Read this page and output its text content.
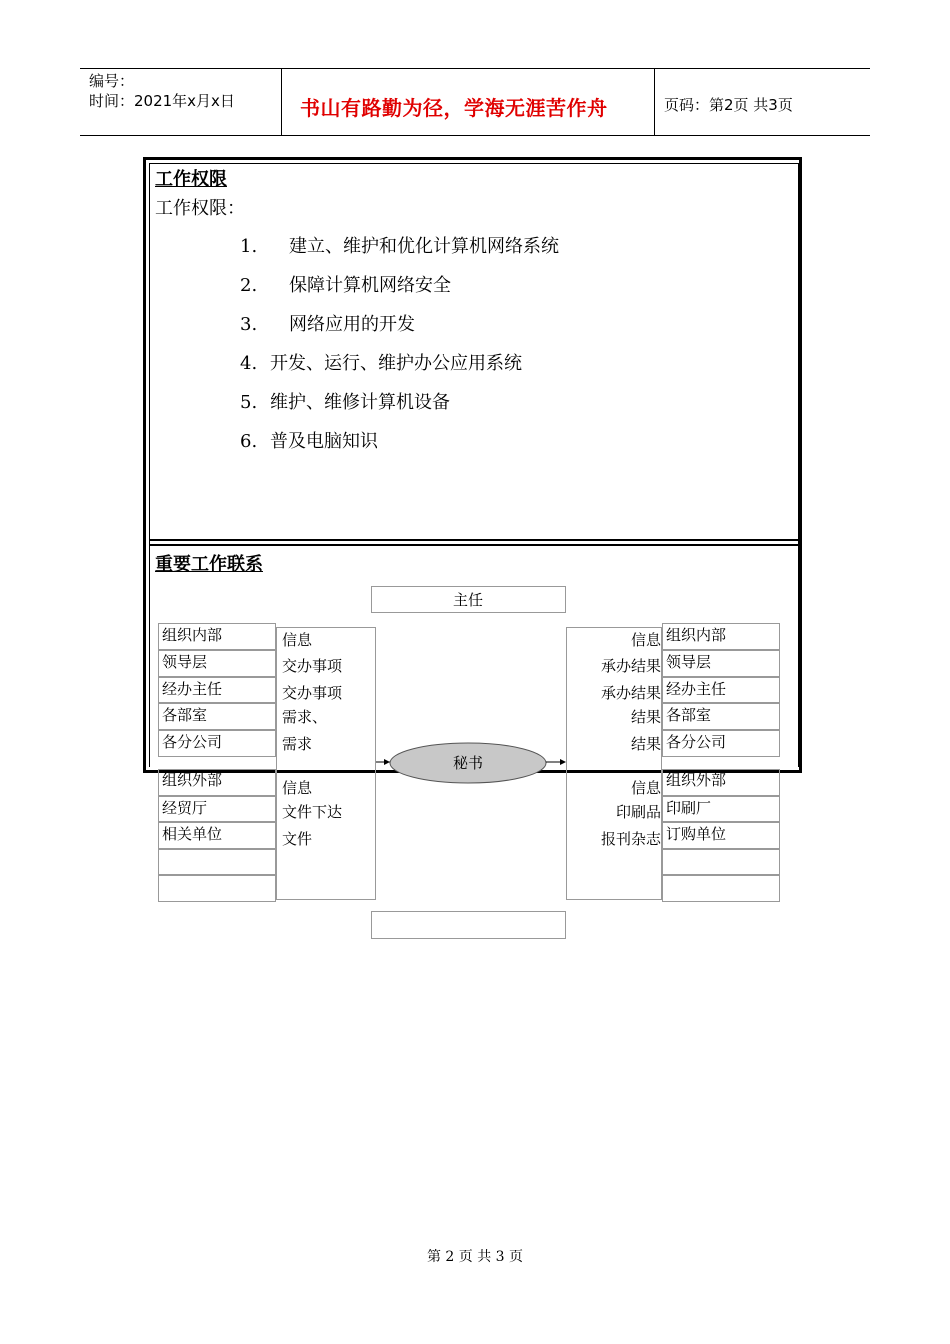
编号：
时间：2021年x月x日	书山有路勤为径，学海无涯苦作舟	页码：第2页 共3页
工作权限
工作权限：
1. 建立、维护和优化计算机网络系统
2. 保障计算机网络安全
3. 网络应用的开发
4. 开发、运行、维护办公应用系统
5. 维护、维修计算机设备
6. 普及电脑知识
重要工作联系
主任
组织内部
领导层
经办主任
各部室
各分公司
组织外部
经贸厅
相关单位
信息
交办事项
交办事项
需求、
需求
信息
文件下达
文件
信息
承办结果
承办结果
结果
结果
信息
印刷品
报刊杂志
组织内部
领导层
经办主任
各部室
各分公司
组织外部
印刷厂
订购单位
秘书
第 2 页 共 3 页
